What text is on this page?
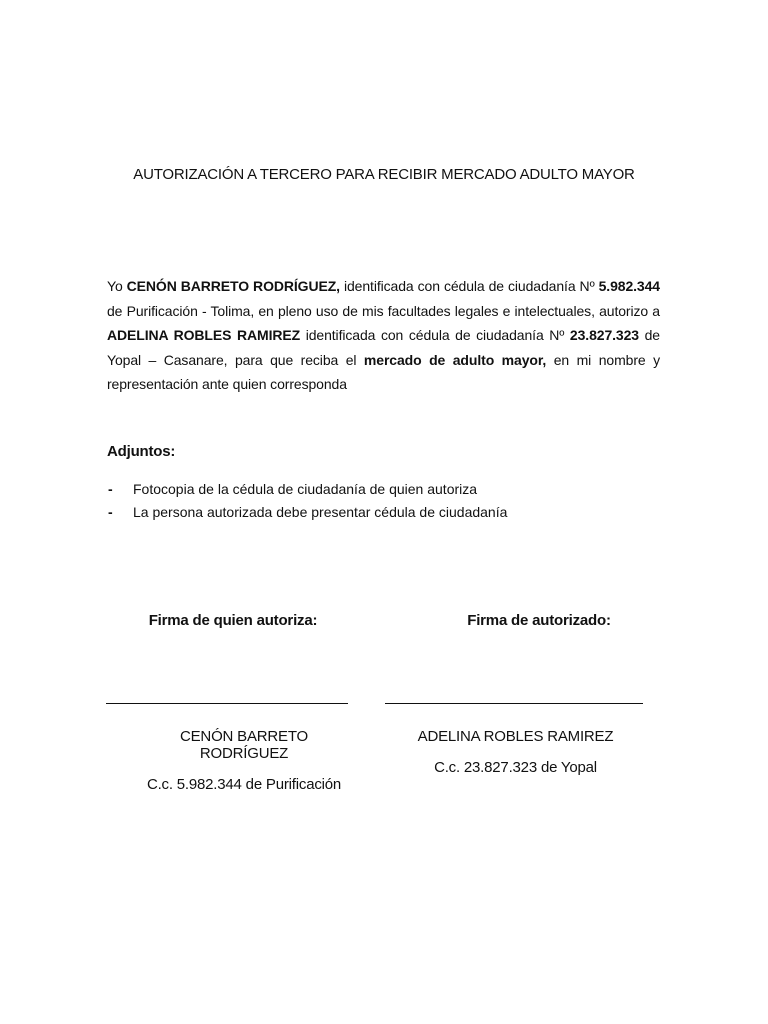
AUTORIZACIÓN A TERCERO PARA RECIBIR MERCADO ADULTO MAYOR
Yo CENÓN BARRETO RODRÍGUEZ, identificada con cédula de ciudadanía Nº 5.982.344 de Purificación - Tolima, en pleno uso de mis facultades legales e intelectuales, autorizo a ADELINA ROBLES RAMIREZ identificada con cédula de ciudadanía Nº 23.827.323 de Yopal – Casanare, para que reciba el mercado de adulto mayor, en mi nombre y representación ante quien corresponda
Adjuntos:
- Fotocopia de la cédula de ciudadanía de quien autoriza
- La persona autorizada debe presentar cédula de ciudadanía
Firma de quien autoriza:
CENÓN BARRETO RODRÍGUEZ
C.c. 5.982.344 de Purificación
Firma de autorizado:
ADELINA ROBLES RAMIREZ
C.c. 23.827.323 de Yopal
